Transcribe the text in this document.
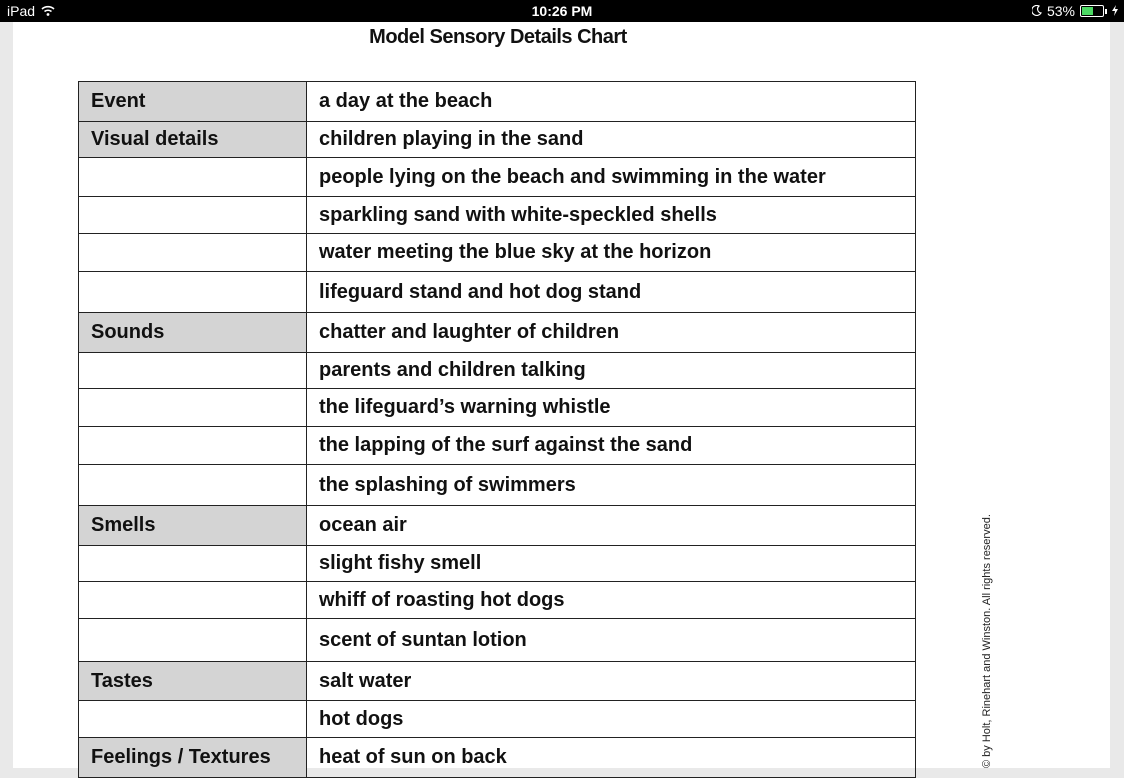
iPad	10:26 PM	53%
Model Sensory Details Chart
Event	a day at the beach
Visual details	children playing in the sand
	people lying on the beach and swimming in the water
	sparkling sand with white-speckled shells
	water meeting the blue sky at the horizon
	lifeguard stand and hot dog stand
Sounds	chatter and laughter of children
	parents and children talking
	the lifeguard’s warning whistle
	the lapping of the surf against the sand
	the splashing of swimmers
Smells	ocean air
	slight fishy smell
	whiff of roasting hot dogs
	scent of suntan lotion
Tastes	salt water
	hot dogs
Feelings / Textures	heat of sun on back	© by Holt, Rinehart and Winston. All rights reserved.
